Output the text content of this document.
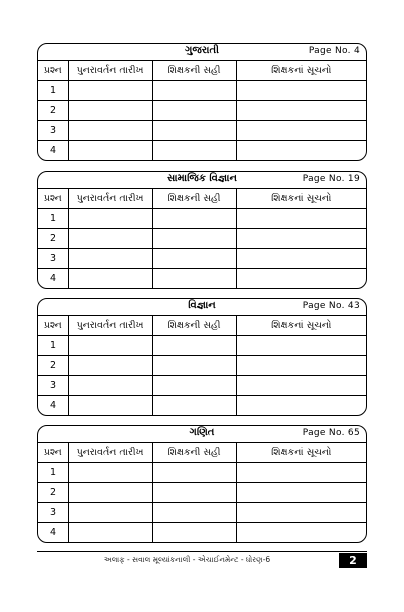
ગુજરાતી	Page No. 4
પ્રશ્ન	પુનરાવર્તન તારીખ	શિક્ષકની સહી	શિક્ષકનાં સૂચનો
1			
2			
3			
4			
સામાજિક વિજ્ઞાન	Page No. 19
પ્રશ્ન	પુનરાવર્તન તારીખ	શિક્ષકની સહી	શિક્ષકનાં સૂચનો
1			
2			
3			
4			
વિજ્ઞાન	Page No. 43
પ્રશ્ન	પુનરાવર્તન તારીખ	શિક્ષકની સહી	શિક્ષકનાં સૂચનો
1			
2			
3			
4			
ગણિત	Page No. 65
પ્રશ્ન	પુનરાવર્તન તારીખ	શિક્ષકની સહી	શિક્ષકનાં સૂચનો
1			
2			
3			
4			
અલાફ - સવાલ મૂલ્યાંકનાલી - એચાઈનમેન્ટ - ધોરણ-6	2
